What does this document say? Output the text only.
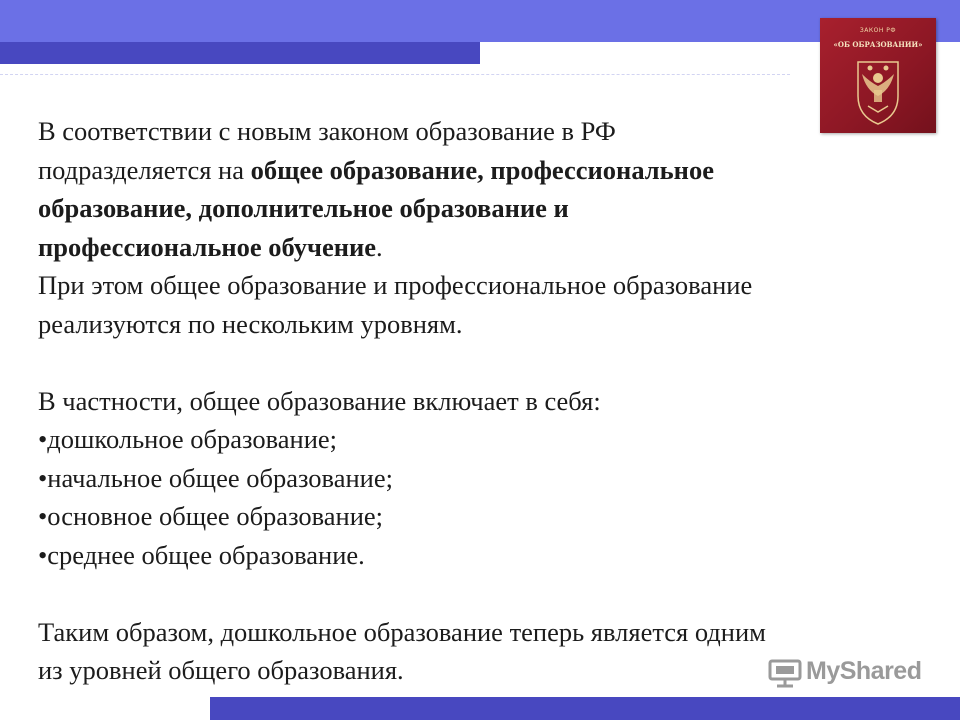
ЗАКОН РФ
«ОБ ОБРАЗОВАНИИ»

В соответствии с новым законом образование в РФ

подразделяется на общее образование, профессиональное

образование, дополнительное образование и

профессиональное обучение.

При этом общее образование и профессиональное образование

реализуются по нескольким уровням.

В частности, общее образование включает в себя:

•дошкольное образование;

•начальное общее образование;

•основное общее образование;

•среднее общее образование.

Таким образом, дошкольное образование теперь является одним

из уровней общего образования.	MyShared
